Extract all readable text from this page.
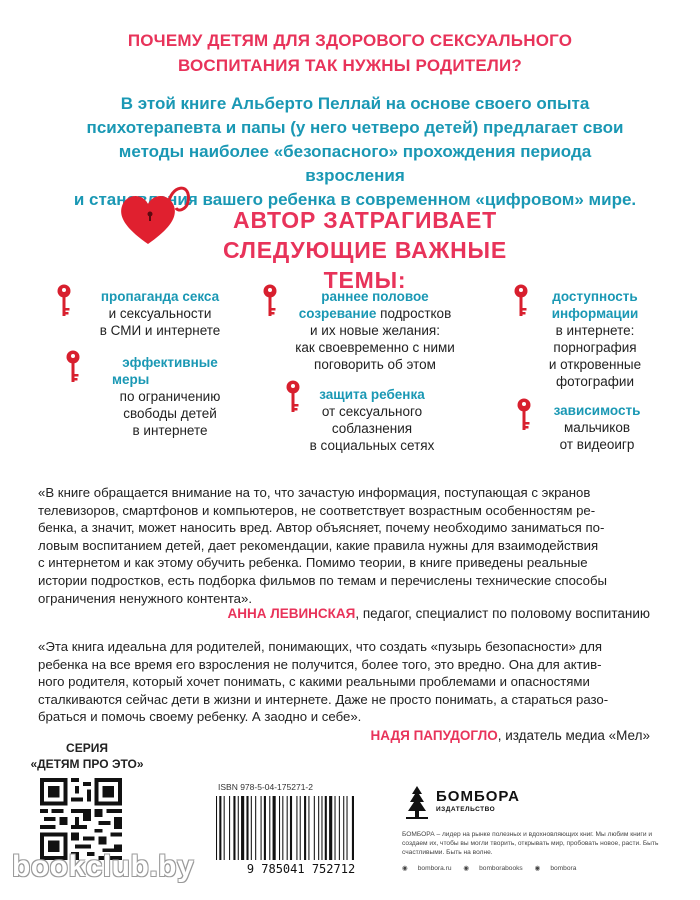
ПОЧЕМУ ДЕТЯМ ДЛЯ ЗДОРОВОГО СЕКСУАЛЬНОГО
ВОСПИТАНИЯ ТАК НУЖНЫ РОДИТЕЛИ?
В этой книге Альберто Пеллай на основе своего опыта
психотерапевта и папы (у него четверо детей) предлагает свои
методы наиболее «безопасного» прохождения периода взросления
и становления вашего ребенка в современном «цифровом» мире.
АВТОР ЗАТРАГИВАЕТ
СЛЕДУЮЩИЕ ВАЖНЫЕ ТЕМЫ:
пропаганда секса
и сексуальности
в СМИ и интернете
эффективные
меры
по ограничению
свободы детей
в интернете
раннее половое
созревание подростков
и их новые желания:
как своевременно с ними
поговорить об этом
защита ребенка
от сексуального
соблазнения
в социальных сетях
доступность
информации
в интернете:
порнография
и откровенные
фотографии
зависимость
мальчиков
от видеоигр
«В книге обращается внимание на то, что зачастую информация, поступающая с экранов
телевизоров, смартфонов и компьютеров, не соответствует возрастным особенностям ре-
бенка, а значит, может наносить вред. Автор объясняет, почему необходимо заниматься по-
ловым воспитанием детей, дает рекомендации, какие правила нужны для взаимодействия
с интернетом и как этому обучить ребенка. Помимо теории, в книге приведены реальные
истории подростков, есть подборка фильмов по темам и перечислены технические способы
ограничения ненужного контента».
АННА ЛЕВИНСКАЯ, педагог, специалист по половому воспитанию
«Эта книга идеальна для родителей, понимающих, что создать «пузырь безопасности» для
ребенка на все время его взросления не получится, более того, это вредно. Она для актив-
ного родителя, который хочет понимать, с какими реальными проблемами и опасностями
сталкиваются сейчас дети в жизни и интернете. Даже не просто понимать, а стараться разо-
браться и помочь своему ребенку. А заодно и себе».
НАДЯ ПАПУДОГЛО, издатель медиа «Мел»
СЕРИЯ
«ДЕТЯМ ПРО ЭТО»
ISBN 978-5-04-175271-2
9 785041 752712
БОМБОРА
ИЗДАТЕЛЬСТВО
БОМБОРА – лидер на рынке полезных и вдохновляющих книг. Мы любим книги и создаем их, чтобы вы могли творить, открывать мир, пробовать новое, расти. Быть счастливыми. Быть на волне.
◉ bombora.ru ◉ bomborabooks ◉ bombora
bookclub.by
